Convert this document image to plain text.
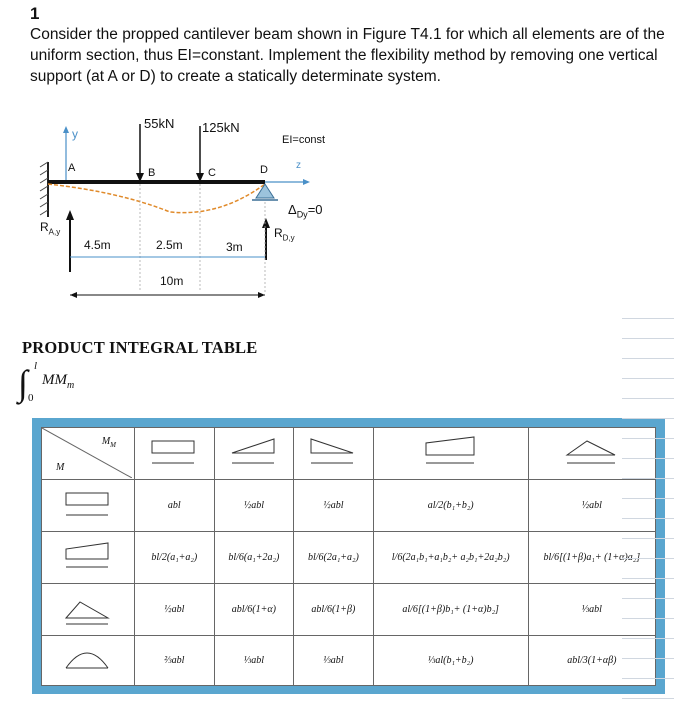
1
Consider the propped cantilever beam shown in Figure T4.1 for which all elements are of the uniform section, thus EI=constant. Implement the flexibility method by removing one vertical support (at A or D) to create a statically determinate system.
55kN 125kN
y
A	B	C	D
EI=const
z
$\Delta_{Dy}=0$
$R_{A,y}$	$R_{D,y}$
4.5m	2.5m	3m
10m
PRODUCT INTEGRAL TABLE
∫ l
0
$MM_m$
$M_M$
M

	abl	½abl	½abl	al/2(b₁+b₂)	½abl
	bl/2(a₁+a₂)	bl/6(a₁+2a₂)	bl/6(2a₁+a₂)	l/6(2a₁b₁+a₁b₂+ a₂b₁+2a₂b₂)	bl/6[(1+β)a₁+ (1+α)a₂]
	½abl	abl/6(1+α)	abl/6(1+β)	al/6[(1+β)b₁+ (1+α)b₂]	⅓abl
	⅔abl	⅓abl	⅓abl	⅓al(b₁+b₂)	abl/3(1+αβ)
